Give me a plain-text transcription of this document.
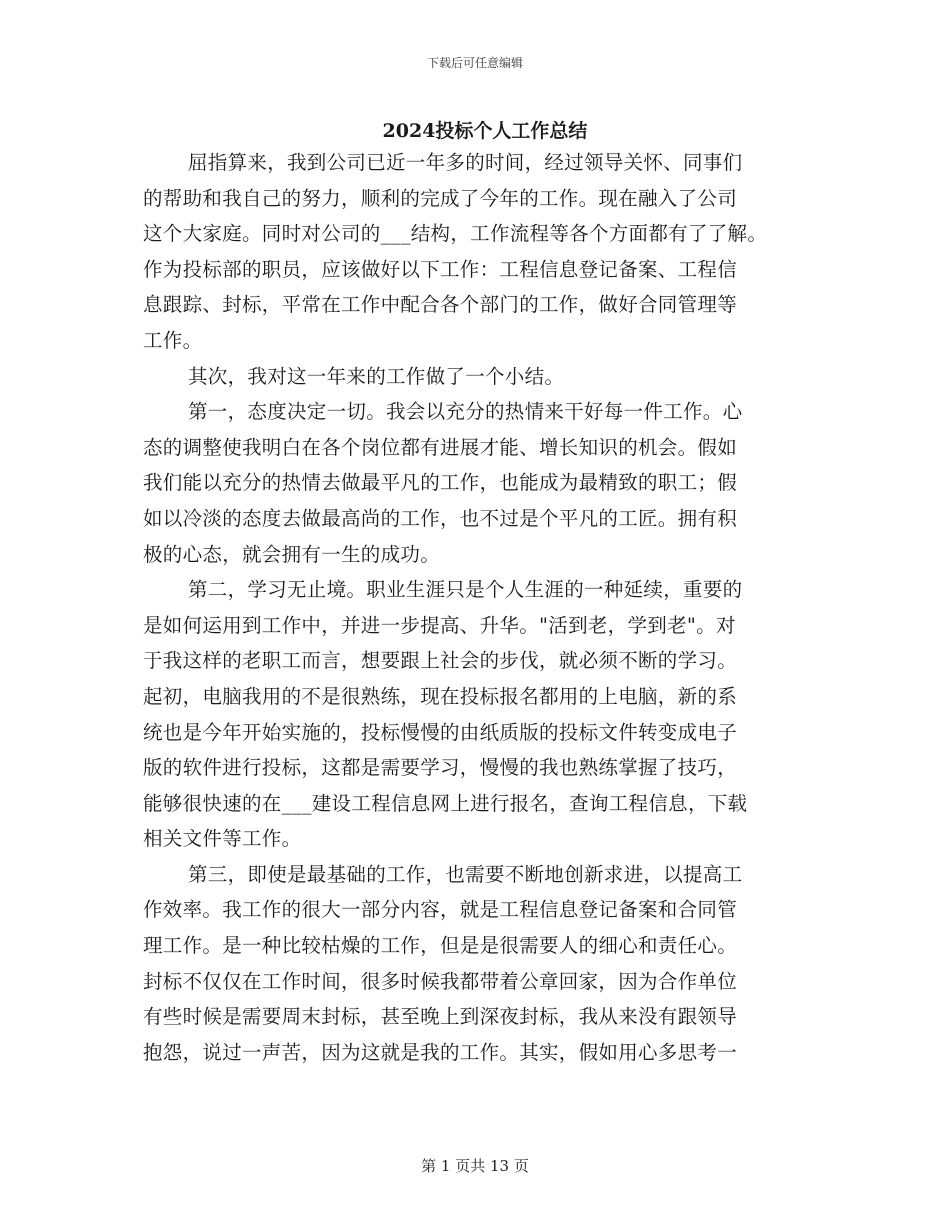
下载后可任意编辑
2024投标个人工作总结
屈指算来，我到公司已近一年多的时间，经过领导关怀、同事们
的帮助和我自己的努力，顺利的完成了今年的工作。现在融入了公司
这个大家庭。同时对公司的___结构，工作流程等各个方面都有了了解。
作为投标部的职员，应该做好以下工作：工程信息登记备案、工程信
息跟踪、封标，平常在工作中配合各个部门的工作，做好合同管理等
工作。
其次，我对这一年来的工作做了一个小结。
第一，态度决定一切。我会以充分的热情来干好每一件工作。心
态的调整使我明白在各个岗位都有进展才能、增长知识的机会。假如
我们能以充分的热情去做最平凡的工作，也能成为最精致的职工；假
如以冷淡的态度去做最高尚的工作，也不过是个平凡的工匠。拥有积
极的心态，就会拥有一生的成功。
第二，学习无止境。职业生涯只是个人生涯的一种延续，重要的
是如何运用到工作中，并进一步提高、升华。"活到老，学到老"。对
于我这样的老职工而言，想要跟上社会的步伐，就必须不断的学习。
起初，电脑我用的不是很熟练，现在投标报名都用的上电脑，新的系
统也是今年开始实施的，投标慢慢的由纸质版的投标文件转变成电子
版的软件进行投标，这都是需要学习，慢慢的我也熟练掌握了技巧，
能够很快速的在___建设工程信息网上进行报名，查询工程信息，下载
相关文件等工作。
第三，即使是最基础的工作，也需要不断地创新求进，以提高工
作效率。我工作的很大一部分内容，就是工程信息登记备案和合同管
理工作。是一种比较枯燥的工作，但是是很需要人的细心和责任心。
封标不仅仅在工作时间，很多时候我都带着公章回家，因为合作单位
有些时候是需要周末封标，甚至晚上到深夜封标，我从来没有跟领导
抱怨，说过一声苦，因为这就是我的工作。其实，假如用心多思考一
第 1 页共 13 页
